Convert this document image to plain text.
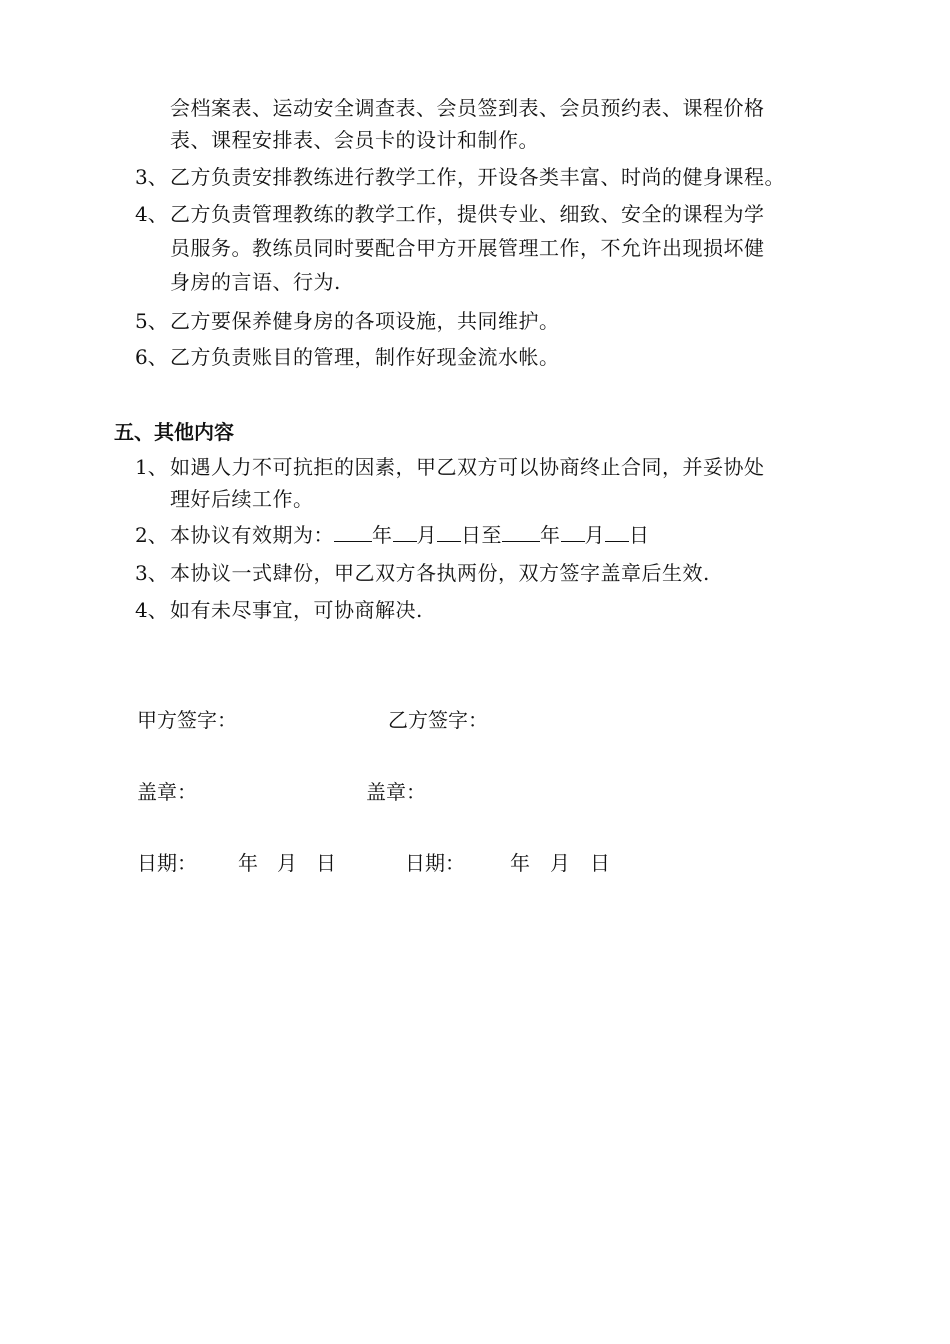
会档案表、运动安全调查表、会员签到表、会员预约表、课程价格
表、课程安排表、会员卡的设计和制作。
3、 乙方负责安排教练进行教学工作，开设各类丰富、时尚的健身课程。
4、 乙方负责管理教练的教学工作，提供专业、细致、安全的课程为学
员服务。教练员同时要配合甲方开展管理工作，不允许出现损坏健
身房的言语、行为.
5、 乙方要保养健身房的各项设施，共同维护。
6、 乙方负责账目的管理，制作好现金流水帐。
五、其他内容
1、 如遇人力不可抗拒的因素，甲乙双方可以协商终止合同，并妥协处
理好后续工作。
2、 本协议有效期为： 年 月 日至 年 月 日
3、 本协议一式肆份，甲乙双方各执两份，双方签字盖章后生效.
4、 如有未尽事宜，可协商解决.
甲方签字：	乙方签字：
盖章：	盖章：
日期： 年 月 日	日期： 年 月 日
